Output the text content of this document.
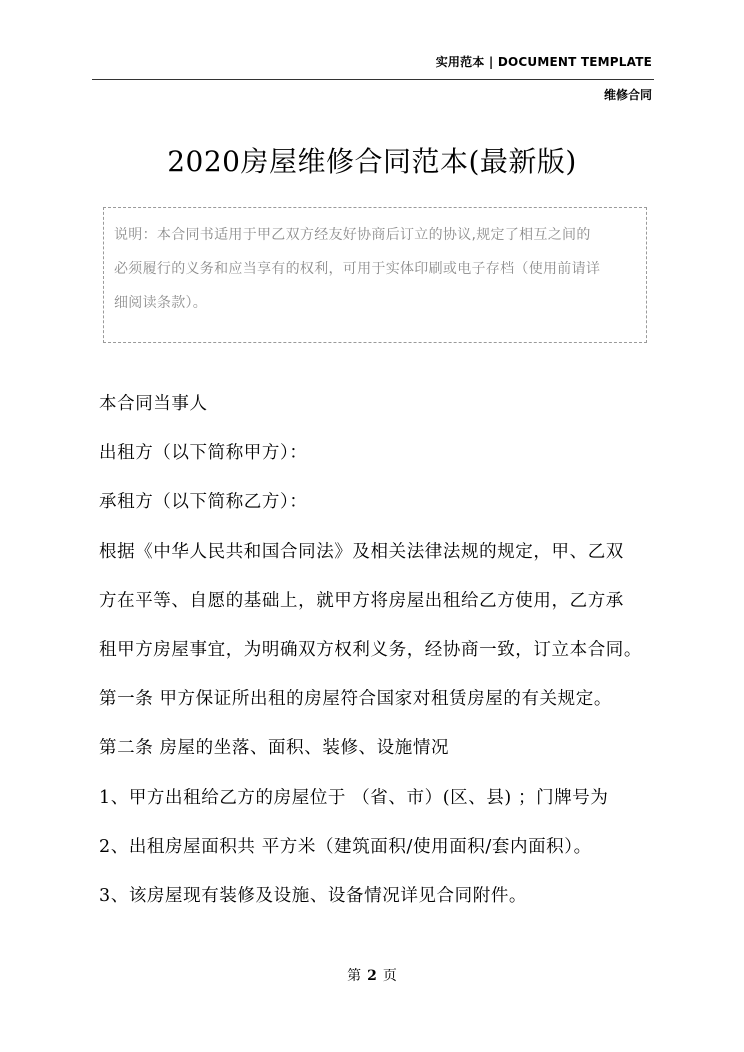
实用范本 | DOCUMENT TEMPLATE
维修合同
2020房屋维修合同范本(最新版)
说明：本合同书适用于甲乙双方经友好协商后订立的协议,规定了相互之间的
必须履行的义务和应当享有的权利，可用于实体印刷或电子存档（使用前请详
细阅读条款）。
本合同当事人
出租方（以下简称甲方）：
承租方（以下简称乙方）：
根据《中华人民共和国合同法》及相关法律法规的规定，甲、乙双
方在平等、自愿的基础上，就甲方将房屋出租给乙方使用，乙方承
租甲方房屋事宜，为明确双方权利义务，经协商一致，订立本合同。
第一条 甲方保证所出租的房屋符合国家对租赁房屋的有关规定。
第二条 房屋的坐落、面积、装修、设施情况
1、甲方出租给乙方的房屋位于 （省、市）(区、县) ；门牌号为
2、出租房屋面积共 平方米（建筑面积/使用面积/套内面积）。
3、该房屋现有装修及设施、设备情况详见合同附件。
第 2 页
